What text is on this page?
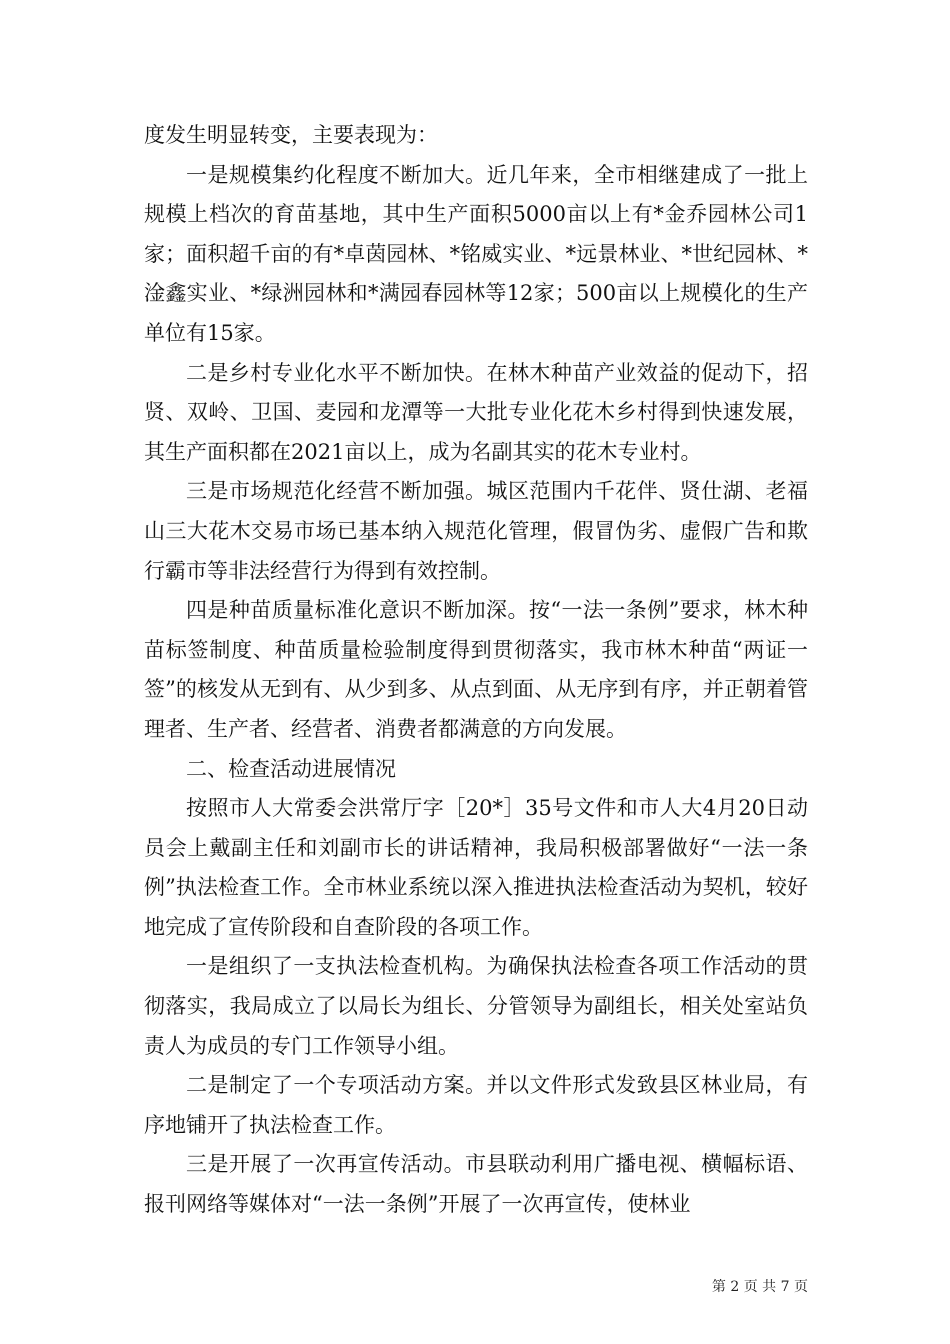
度发生明显转变，主要表现为：

一是规模集约化程度不断加大。近几年来，全市相继建成了一批上规模上档次的育苗基地，其中生产面积5000亩以上有*金乔园林公司1家；面积超千亩的有*卓茵园林、*铭威实业、*远景林业、*世纪园林、*淦鑫实业、*绿洲园林和*满园春园林等12家；500亩以上规模化的生产单位有15家。

二是乡村专业化水平不断加快。在林木种苗产业效益的促动下，招贤、双岭、卫国、麦园和龙潭等一大批专业化花木乡村得到快速发展，其生产面积都在2021亩以上，成为名副其实的花木专业村。

三是市场规范化经营不断加强。城区范围内千花伴、贤仕湖、老福山三大花木交易市场已基本纳入规范化管理，假冒伪劣、虚假广告和欺行霸市等非法经营行为得到有效控制。

四是种苗质量标准化意识不断加深。按“一法一条例”要求，林木种苗标签制度、种苗质量检验制度得到贯彻落实，我市林木种苗“两证一签”的核发从无到有、从少到多、从点到面、从无序到有序，并正朝着管理者、生产者、经营者、消费者都满意的方向发展。

二、检查活动进展情况

按照市人大常委会洪常厅字［20*］35号文件和市人大4月20日动员会上戴副主任和刘副市长的讲话精神，我局积极部署做好“一法一条例”执法检查工作。全市林业系统以深入推进执法检查活动为契机，较好地完成了宣传阶段和自查阶段的各项工作。

一是组织了一支执法检查机构。为确保执法检查各项工作活动的贯彻落实，我局成立了以局长为组长、分管领导为副组长，相关处室站负责人为成员的专门工作领导小组。

二是制定了一个专项活动方案。并以文件形式发致县区林业局，有序地铺开了执法检查工作。

三是开展了一次再宣传活动。市县联动利用广播电视、横幅标语、报刊网络等媒体对“一法一条例”开展了一次再宣传，使林业

第 2 页 共 7 页
